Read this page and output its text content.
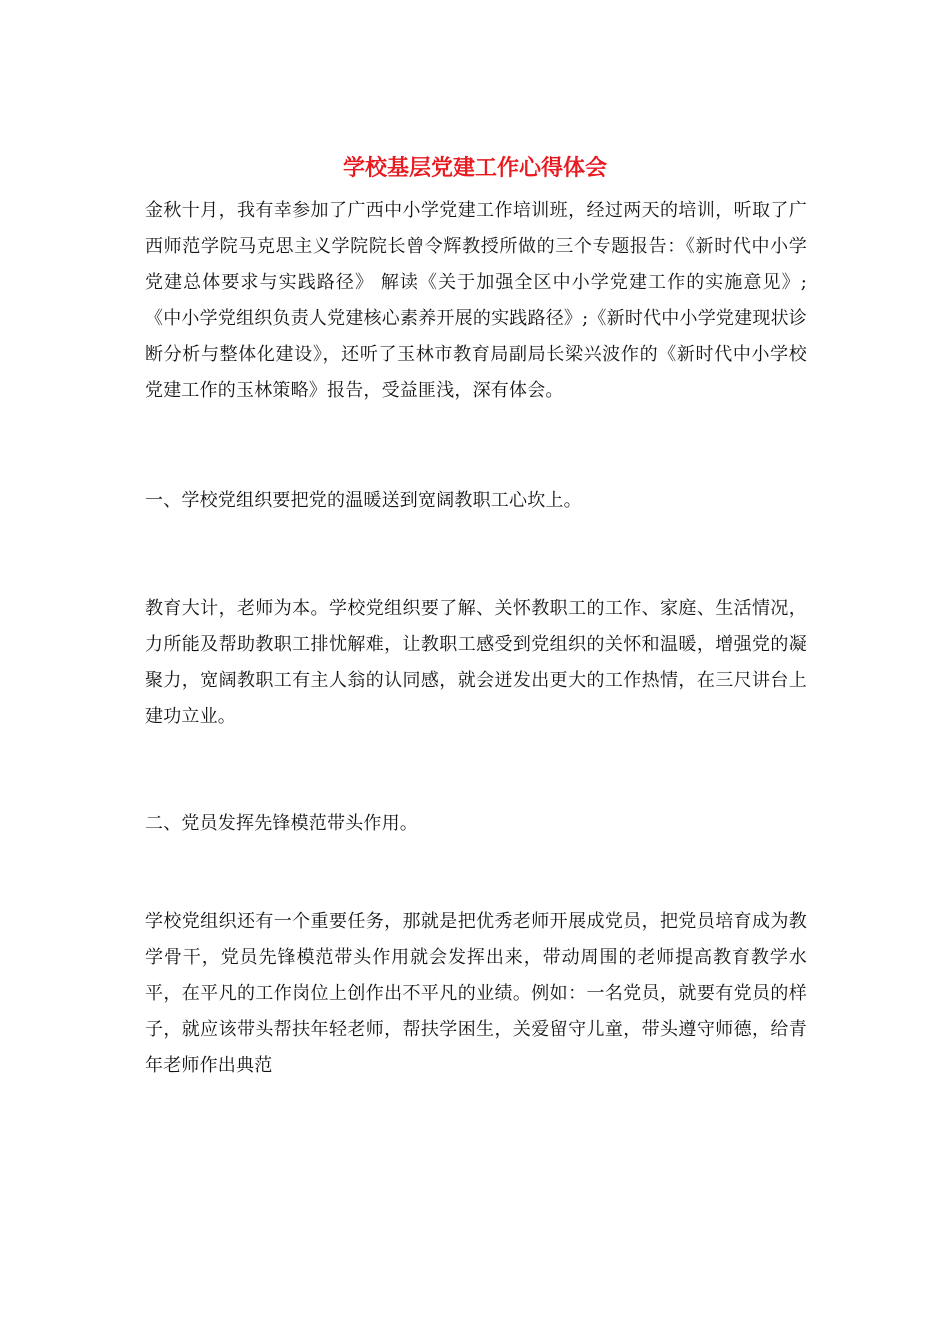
学校基层党建工作心得体会

金秋十月，我有幸参加了广西中小学党建工作培训班，经过两天的培训，听取了广西师范学院马克思主义学院院长曾令辉教授所做的三个专题报告：《新时代中小学党建总体要求与实践路径》 解读《关于加强全区中小学党建工作的实施意见》;《中小学党组织负责人党建核心素养开展的实践路径》;《新时代中小学党建现状诊断分析与整体化建设》，还听了玉林市教育局副局长梁兴波作的《新时代中小学校党建工作的玉林策略》报告，受益匪浅，深有体会。

一、学校党组织要把党的温暖送到宽阔教职工心坎上。

教育大计，老师为本。学校党组织要了解、关怀教职工的工作、家庭、生活情况，力所能及帮助教职工排忧解难，让教职工感受到党组织的关怀和温暖，增强党的凝聚力，宽阔教职工有主人翁的认同感，就会迸发出更大的工作热情，在三尺讲台上建功立业。

二、党员发挥先锋模范带头作用。

学校党组织还有一个重要任务，那就是把优秀老师开展成党员，把党员培育成为教学骨干，党员先锋模范带头作用就会发挥出来，带动周围的老师提高教育教学水平，在平凡的工作岗位上创作出不平凡的业绩。例如：一名党员，就要有党员的样子，就应该带头帮扶年轻老师，帮扶学困生，关爱留守儿童，带头遵守师德，给青年老师作出典范
